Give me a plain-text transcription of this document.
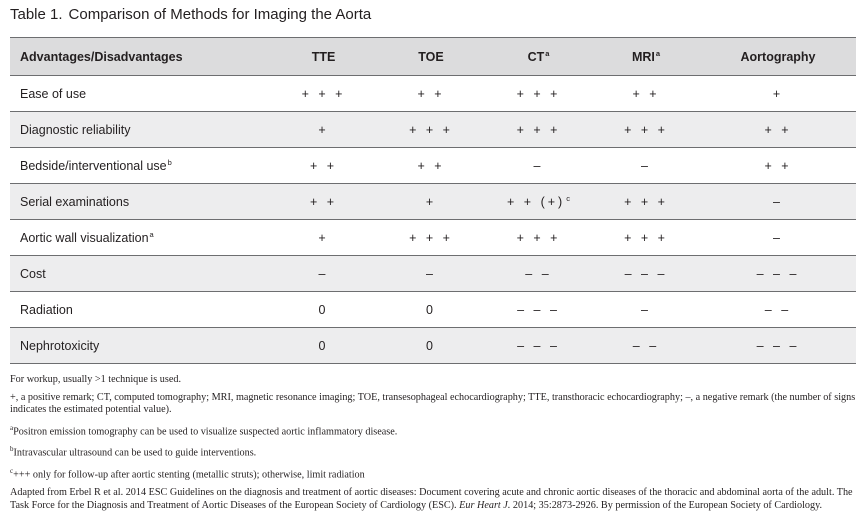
Table 1. Comparison of Methods for Imaging the Aorta
Advantages/Disadvantages	TTE	TOE	$CT^a$	MRI$^a$	Aortography
Ease of use	+ + +	+ +	+ + +	+ +	+
Diagnostic reliability	+	+ + +	+ + +	+ + +	+ +
Bedside/interventional use$^b$	+ +	+ +	–	–	+ +
Serial examinations	+ +	+	+ + $(+)^c$	+ + +	–
Aortic wall visualization$^a$	+	+ + +	+ + +	+ + +	–
Cost	–	–	– –	– – –	– – –
Radiation	0	0	– – –	–	– –
Nephrotoxicity	0	0	– – –	– –	– – –

For workup, usually >1 technique is used.

+, a positive remark; CT, computed tomography; MRI, magnetic resonance imaging; TOE, transesophageal echocardiography; TTE, transthoracic echocardiography; –, a negative remark (the number of signs indicates the estimated potential value).

$^a$Positron emission tomography can be used to visualize suspected aortic inflammatory disease.

$^b$Intravascular ultrasound can be used to guide interventions.

$^c$+++ only for follow-up after aortic stenting (metallic struts); otherwise, limit radiation

Adapted from Erbel R et al. 2014 ESC Guidelines on the diagnosis and treatment of aortic diseases: Document covering acute and chronic aortic diseases of the thoracic and abdominal aorta of the adult. The Task Force for the Diagnosis and Treatment of Aortic Diseases of the European Society of Cardiology (ESC). Eur Heart J. 2014; 35:2873-2926. By permission of the European Society of Cardiology.
